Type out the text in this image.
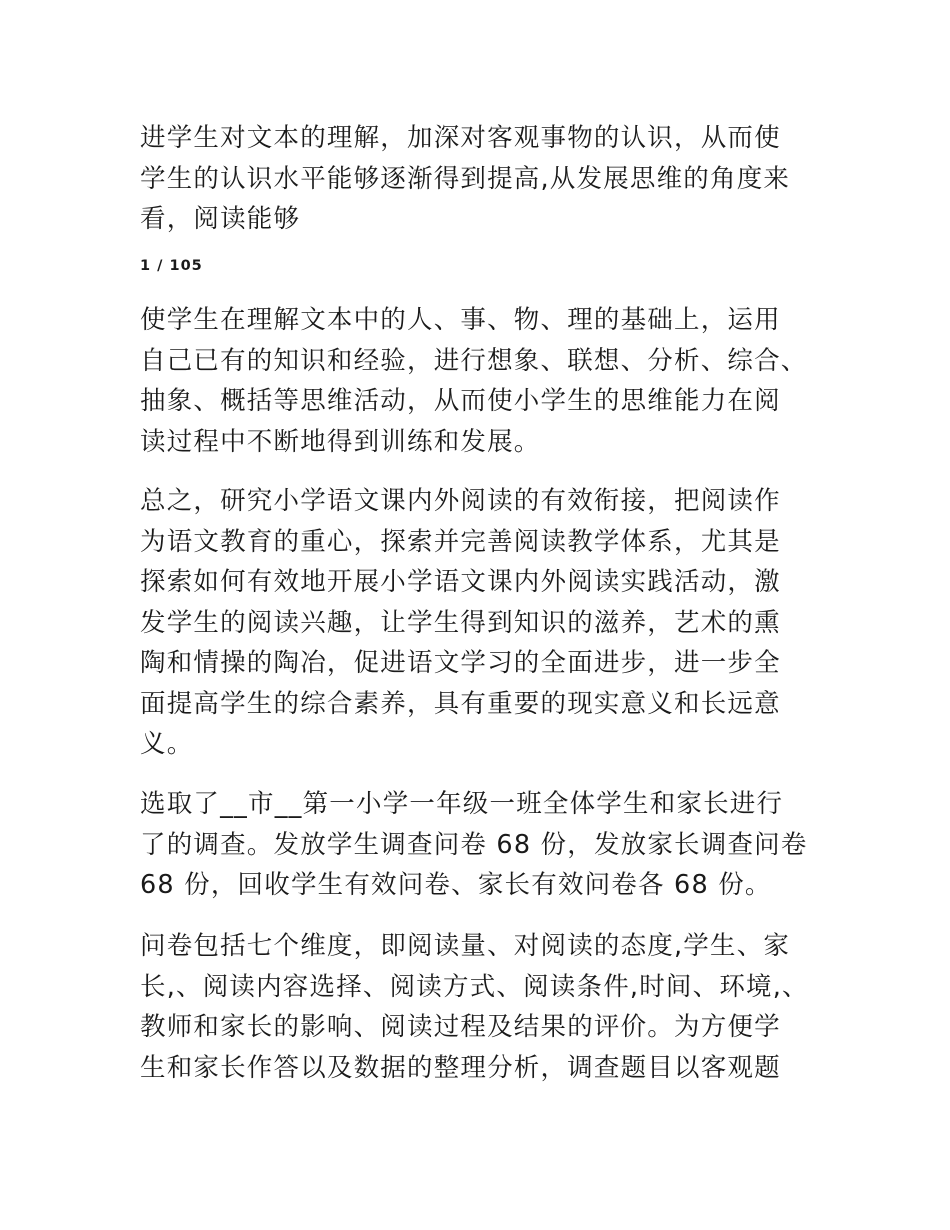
进学生对文本的理解，加深对客观事物的认识，从而使
学生的认识水平能够逐渐得到提高,从发展思维的角度来
看，阅读能够

1 / 105

使学生在理解文本中的人、事、物、理的基础上，运用
自己已有的知识和经验，进行想象、联想、分析、综合、
抽象、概括等思维活动，从而使小学生的思维能力在阅
读过程中不断地得到训练和发展。

总之，研究小学语文课内外阅读的有效衔接，把阅读作
为语文教育的重心，探索并完善阅读教学体系，尤其是
探索如何有效地开展小学语文课内外阅读实践活动，激
发学生的阅读兴趣，让学生得到知识的滋养，艺术的熏
陶和情操的陶冶，促进语文学习的全面进步，进一步全
面提高学生的综合素养，具有重要的现实意义和长远意
义。

选取了__市__第一小学一年级一班全体学生和家长进行
了的调查。发放学生调查问卷 68 份，发放家长调查问卷
68 份，回收学生有效问卷、家长有效问卷各 68 份。

问卷包括七个维度，即阅读量、对阅读的态度,学生、家
长,、阅读内容选择、阅读方式、阅读条件,时间、环境,、
教师和家长的影响、阅读过程及结果的评价。为方便学
生和家长作答以及数据的整理分析，调查题目以客观题
